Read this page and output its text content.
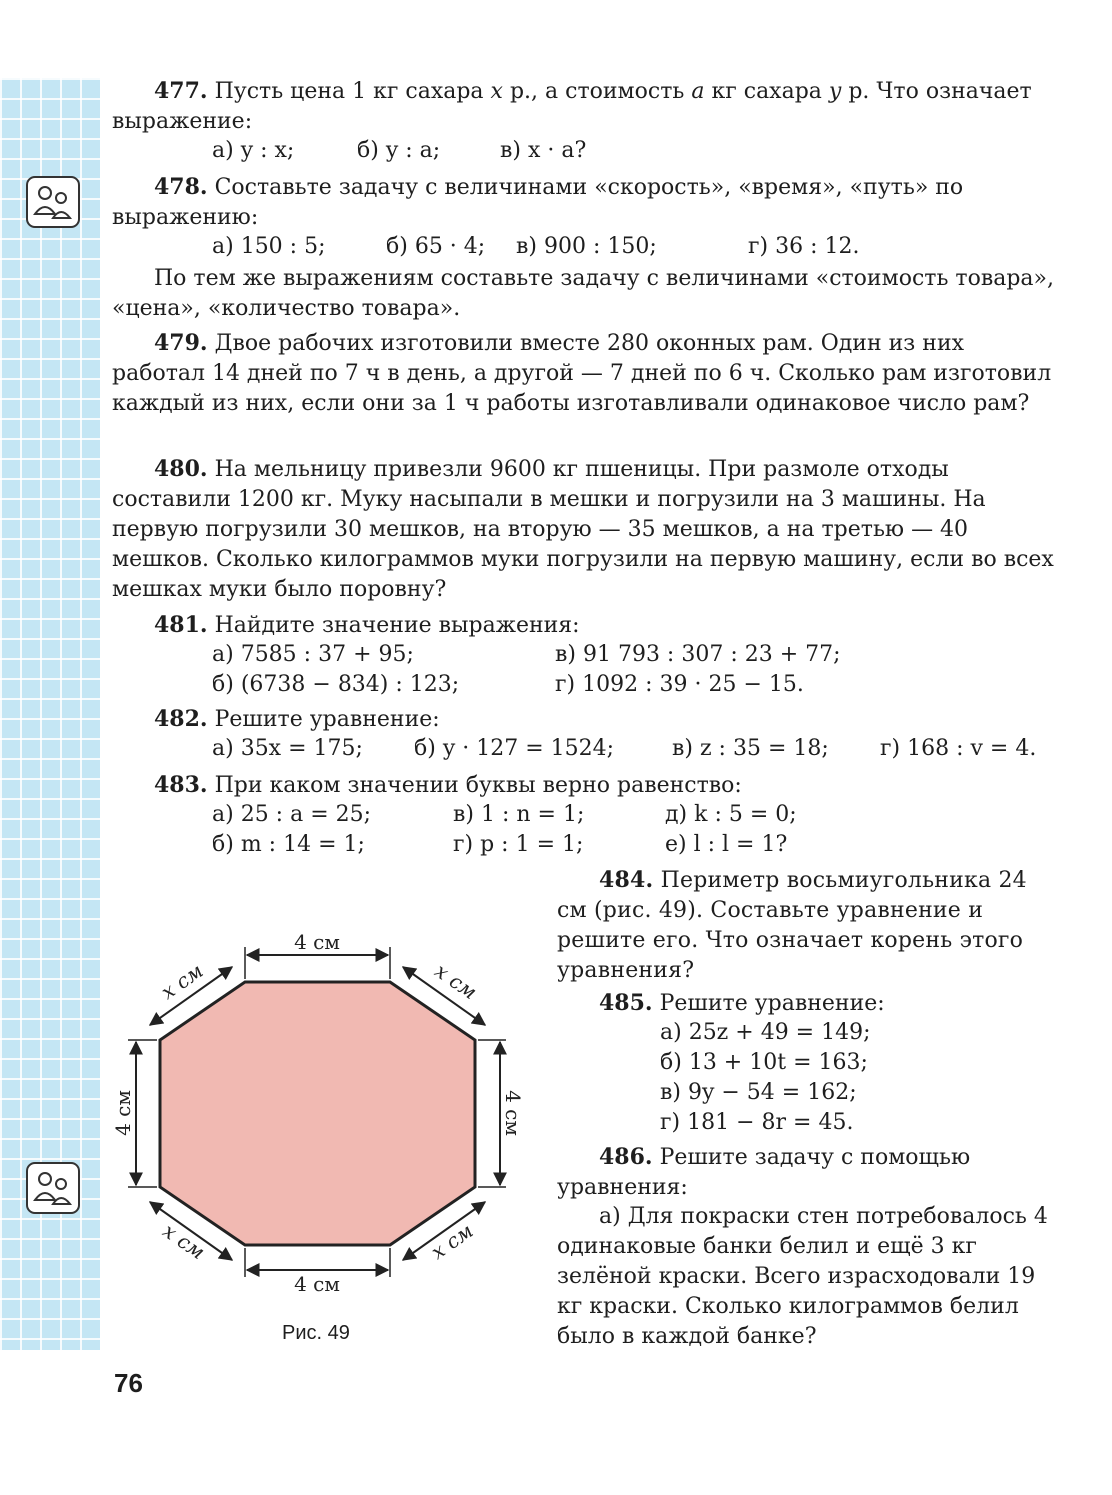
477. Пусть цена 1 кг сахара x р., а стоимость a кг сахара y р. Что означает выражение:
а) y : x;	б) y : a;	в) x · a?
478. Составьте задачу с величинами «скорость», «время», «путь» по выражению:
а) 150 : 5;	б) 65 · 4; в) 900 : 150;	г) 36 : 12.
По тем же выражениям составьте задачу с величинами «стоимость товара», «цена», «количество товара».
479. Двое рабочих изготовили вместе 280 оконных рам. Один из них работал 14 дней по 7 ч в день, а другой — 7 дней по 6 ч. Сколько рам изготовил каждый из них, если они за 1 ч работы изготавливали одинаковое число рам?
480. На мельницу привезли 9600 кг пшеницы. При размоле отходы составили 1200 кг. Муку насыпали в мешки и погрузили на 3 машины. На первую погрузили 30 мешков, на вторую — 35 мешков, а на третью — 40 мешков. Сколько килограммов муки погрузили на первую машину, если во всех мешках муки было поровну?
481. Найдите значение выражения:
а) 7585 : 37 + 95;	в) 91 793 : 307 : 23 + 77;
б) (6738 − 834) : 123;	г) 1092 : 39 · 25 − 15.
482. Решите уравнение:
а) 35x = 175; б) y · 127 = 1524;	в) z : 35 = 18; г) 168 : v = 4.
483. При каком значении буквы верно равенство:
а) 25 : a = 25;	в) 1 : n = 1;	д) k : 5 = 0;
б) m : 14 = 1;	г) p : 1 = 1;	е) l : l = 1?
484. Периметр восьмиугольника 24 см (рис. 49). Составьте уравнение и решите его. Что означает корень этого уравнения?
485. Решите уравнение:
а) 25z + 49 = 149;
б) 13 + 10t = 163;
в) 9y − 54 = 162;
г) 181 − 8r = 45.
486. Решите задачу с помощью уравнения:
а) Для покраски стен потребовалось 4 одинаковые банки белил и ещё 3 кг зелёной краски. Всего израсходовали 19 кг краски. Сколько килограммов белил было в каждой банке?
4 см
4 см
4 см	4 см
x см	x см
x см	x см
Рис. 49
76
